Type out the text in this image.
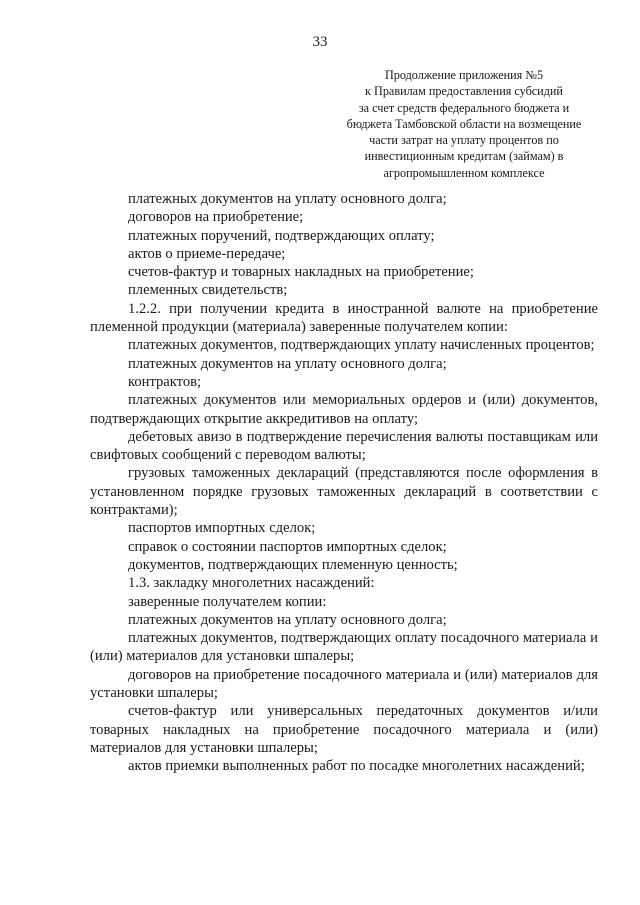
33
Продолжение приложения №5
к Правилам предоставления субсидий
за счет средств федерального бюджета и
бюджета Тамбовской области на возмещение
части затрат на уплату процентов по
инвестиционным кредитам (займам) в
агропромышленном комплексе

платежных документов на уплату основного долга;

договоров на приобретение;

платежных поручений, подтверждающих оплату;

актов о приеме-передаче;

счетов-фактур и товарных накладных на приобретение;

племенных свидетельств;

1.2.2. при получении кредита в иностранной валюте на приобретение племенной продукции (материала) заверенные получателем копии:

платежных документов, подтверждающих уплату начисленных процентов;

платежных документов на уплату основного долга;

контрактов;

платежных документов или мемориальных ордеров и (или) документов, подтверждающих открытие аккредитивов на оплату;

дебетовых авизо в подтверждение перечисления валюты поставщикам или свифтовых сообщений с переводом валюты;

грузовых таможенных деклараций (представляются после оформления в установленном порядке грузовых таможенных деклараций в соответствии с контрактами);

паспортов импортных сделок;

справок о состоянии паспортов импортных сделок;

документов, подтверждающих племенную ценность;

1.3. закладку многолетних насаждений:

заверенные получателем копии:

платежных документов на уплату основного долга;

платежных документов, подтверждающих оплату посадочного материала и (или) материалов для установки шпалеры;

договоров на приобретение посадочного материала и (или) материалов для установки шпалеры;

счетов-фактур или универсальных передаточных документов и/или товарных накладных на приобретение посадочного материала и (или) материалов для установки шпалеры;

актов приемки выполненных работ по посадке многолетних насаждений;
